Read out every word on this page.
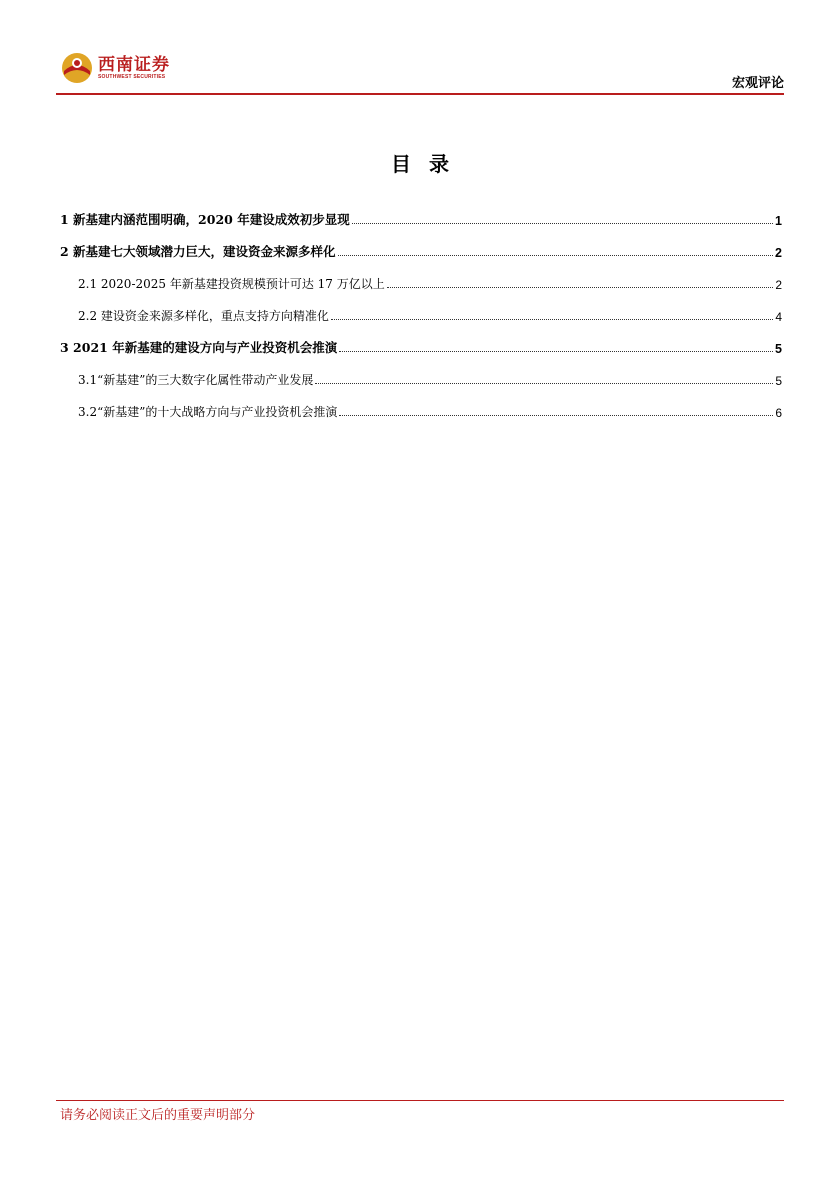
西南证券
SOUTHWEST SECURITIES	宏观评论
目录
1 新基建内涵范围明确，2020 年建设成效初步显现	1
2 新基建七大领域潜力巨大，建设资金来源多样化	2
2.1 2020-2025 年新基建投资规模预计可达 17 万亿以上	2
2.2 建设资金来源多样化，重点支持方向精准化	4
3 2021 年新基建的建设方向与产业投资机会推演	5
3.1“新基建”的三大数字化属性带动产业发展	5
3.2“新基建”的十大战略方向与产业投资机会推演	6
请务必阅读正文后的重要声明部分
